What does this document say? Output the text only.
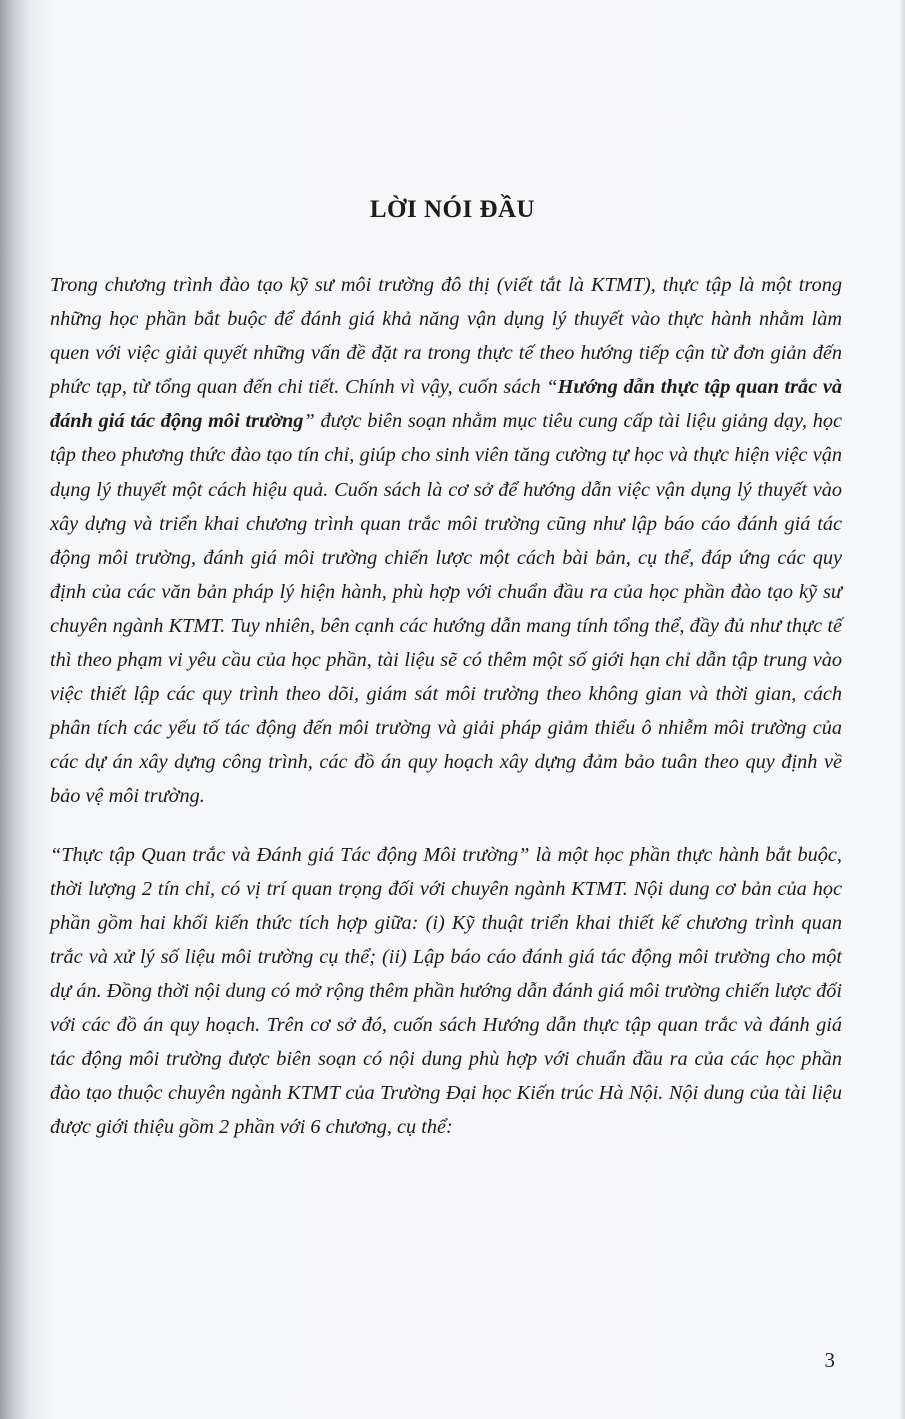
LỜI NÓI ĐẦU

Trong chương trình đào tạo kỹ sư môi trường đô thị (viết tắt là KTMT), thực tập là một trong những học phần bắt buộc để đánh giá khả năng vận dụng lý thuyết vào thực hành nhằm làm quen với việc giải quyết những vấn đề đặt ra trong thực tế theo hướng tiếp cận từ đơn giản đến phức tạp, từ tổng quan đến chi tiết. Chính vì vậy, cuốn sách “Hướng dẫn thực tập quan trắc và đánh giá tác động môi trường” được biên soạn nhằm mục tiêu cung cấp tài liệu giảng dạy, học tập theo phương thức đào tạo tín chỉ, giúp cho sinh viên tăng cường tự học và thực hiện việc vận dụng lý thuyết một cách hiệu quả. Cuốn sách là cơ sở để hướng dẫn việc vận dụng lý thuyết vào xây dựng và triển khai chương trình quan trắc môi trường cũng như lập báo cáo đánh giá tác động môi trường, đánh giá môi trường chiến lược một cách bài bản, cụ thể, đáp ứng các quy định của các văn bản pháp lý hiện hành, phù hợp với chuẩn đầu ra của học phần đào tạo kỹ sư chuyên ngành KTMT. Tuy nhiên, bên cạnh các hướng dẫn mang tính tổng thể, đầy đủ như thực tế thì theo phạm vi yêu cầu của học phần, tài liệu sẽ có thêm một số giới hạn chỉ dẫn tập trung vào việc thiết lập các quy trình theo dõi, giám sát môi trường theo không gian và thời gian, cách phân tích các yếu tố tác động đến môi trường và giải pháp giảm thiểu ô nhiễm môi trường của các dự án xây dựng công trình, các đồ án quy hoạch xây dựng đảm bảo tuân theo quy định về bảo vệ môi trường.

“Thực tập Quan trắc và Đánh giá Tác động Môi trường” là một học phần thực hành bắt buộc, thời lượng 2 tín chỉ, có vị trí quan trọng đối với chuyên ngành KTMT. Nội dung cơ bản của học phần gồm hai khối kiến thức tích hợp giữa: (i) Kỹ thuật triển khai thiết kế chương trình quan trắc và xử lý số liệu môi trường cụ thể; (ii) Lập báo cáo đánh giá tác động môi trường cho một dự án. Đồng thời nội dung có mở rộng thêm phần hướng dẫn đánh giá môi trường chiến lược đối với các đồ án quy hoạch. Trên cơ sở đó, cuốn sách Hướng dẫn thực tập quan trắc và đánh giá tác động môi trường được biên soạn có nội dung phù hợp với chuẩn đầu ra của các học phần đào tạo thuộc chuyên ngành KTMT của Trường Đại học Kiến trúc Hà Nội. Nội dung của tài liệu được giới thiệu gồm 2 phần với 6 chương, cụ thể:

3
